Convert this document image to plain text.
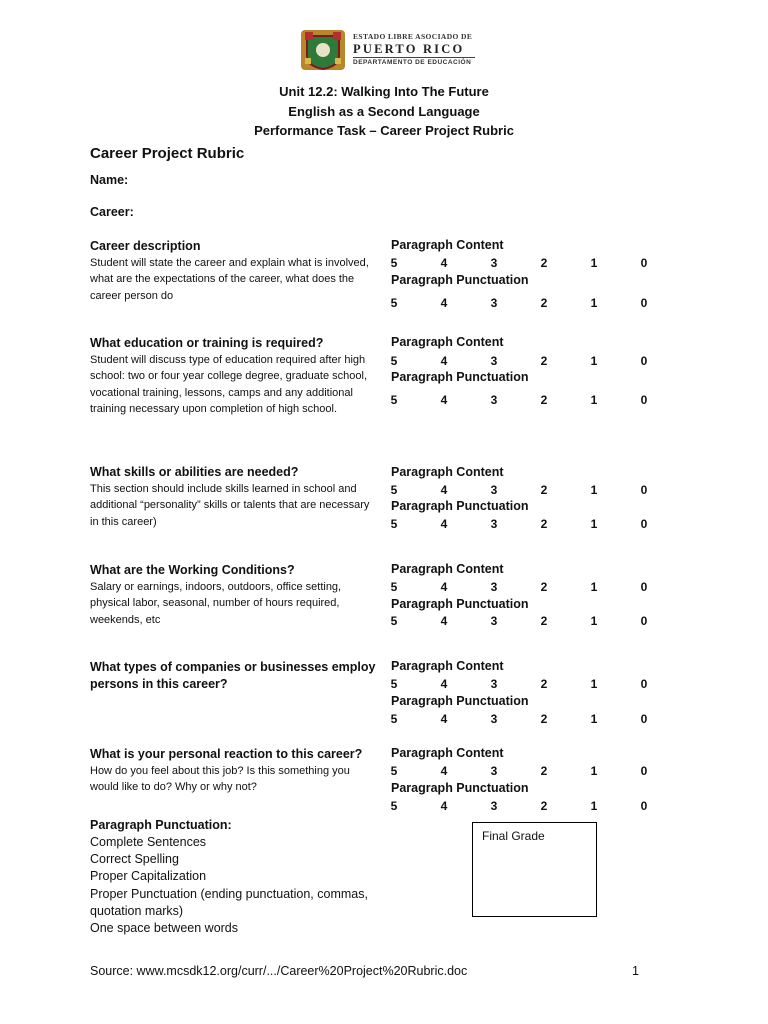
ESTADO LIBRE ASOCIADO DE
PUERTO RICO
DEPARTAMENTO DE EDUCACIÓN
Unit 12.2: Walking Into The Future
English as a Second Language
Performance Task – Career Project Rubric
Career Project Rubric
Name:
Career:
Career description
Student will state the career and explain what is involved, what are the expectations of the career, what does the career person do
Paragraph Content
5	4	3	2	1	0
Paragraph Punctuation
5	4	3	2	1	0
What education or training is required?
Student will discuss type of education required after high school: two or four year college degree, graduate school, vocational training, lessons, camps and any additional training necessary upon completion of high school.
Paragraph Content
5	4	3	2	1	0
Paragraph Punctuation
5	4	3	2	1	0
What skills or abilities are needed?
This section should include skills learned in school and additional “personality” skills or talents that are necessary in this career)
Paragraph Content
5	4	3	2	1	0
Paragraph Punctuation
5	4	3	2	1	0
What are the Working Conditions?
Salary or earnings, indoors, outdoors, office setting, physical labor, seasonal, number of hours required, weekends, etc
Paragraph Content
5	4	3	2	1	0
Paragraph Punctuation
5	4	3	2	1	0
What types of companies or businesses employ persons in this career?
Paragraph Content
5	4	3	2	1	0
Paragraph Punctuation
5	4	3	2	1	0
What is your personal reaction to this career?
How do you feel about this job? Is this something you would like to do? Why or why not?
Paragraph Content
5	4	3	2	1	0
Paragraph Punctuation
5	4	3	2	1	0
Paragraph Punctuation:
Complete Sentences
Correct Spelling
Proper Capitalization
Proper Punctuation (ending punctuation, commas, quotation marks)
One space between words
Final Grade
Source: www.mcsdk12.org/curr/.../Career%20Project%20Rubric.doc	1
